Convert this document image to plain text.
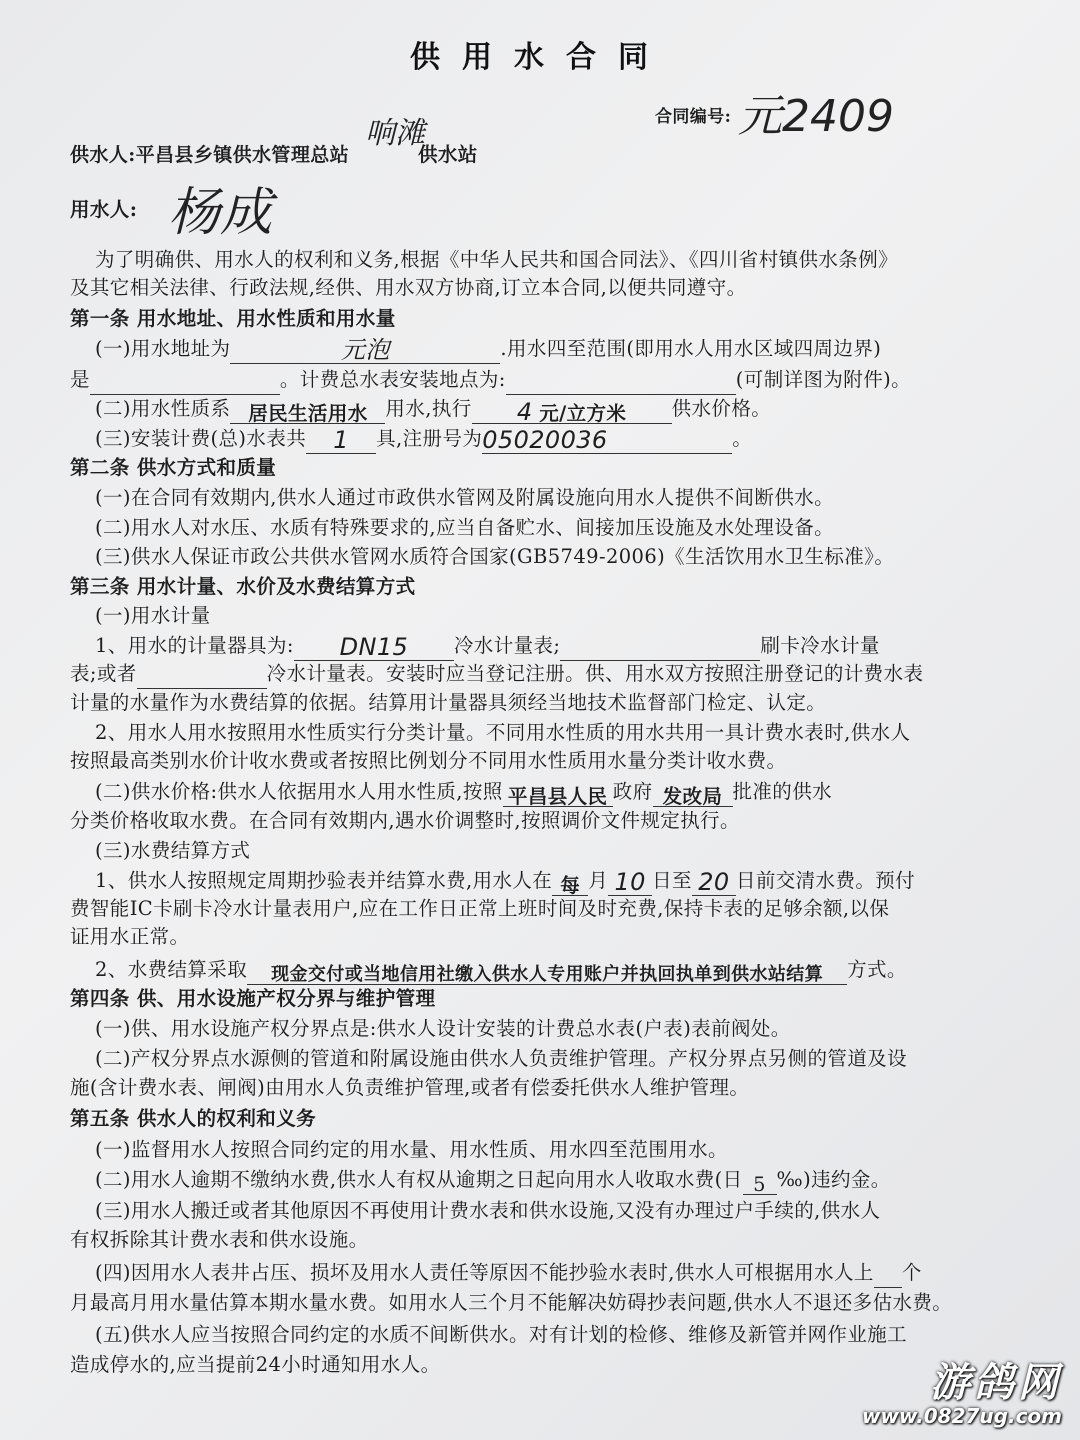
供用水合同
合同编号: 元2409
供水人:平昌县乡镇供水管理总站
响滩
供水站
用水人: 杨成
为了明确供、用水人的权利和义务,根据《中华人民共和国合同法》、《四川省村镇供水条例》
及其它相关法律、行政法规,经供、用水双方协商,订立本合同,以便共同遵守。
第一条 用水地址、用水性质和用水量
(一)用水地址为	元泡	.用水四至范围(即用水人用水区域四周边界)
是	。计费总水表安装地点为:	(可制详图为附件)。
(二)用水性质系 居民生活用水 用水,执行 4 元/立方米 供水价格。
(三)安装计费(总)水表共 1 具,注册号为05020036	。
第二条 供水方式和质量
(一)在合同有效期内,供水人通过市政供水管网及附属设施向用水人提供不间断供水。
(二)用水人对水压、水质有特殊要求的,应当自备贮水、间接加压设施及水处理设备。
(三)供水人保证市政公共供水管网水质符合国家(GB5749-2006)《生活饮用水卫生标准》。
第三条 用水计量、水价及水费结算方式
(一)用水计量
1、用水的计量器具为: DN15 冷水计量表;	刷卡冷水计量
表;或者	冷水计量表。安装时应当登记注册。供、用水双方按照注册登记的计费水表
计量的水量作为水费结算的依据。结算用计量器具须经当地技术监督部门检定、认定。
2、用水人用水按照用水性质实行分类计量。不同用水性质的用水共用一具计费水表时,供水人
按照最高类别水价计收水费或者按照比例划分不同用水性质用水量分类计收水费。
(二)供水价格:供水人依据用水人用水性质,按照 平昌县人民 政府 发改局 批准的供水
分类价格收取水费。在合同有效期内,遇水价调整时,按照调价文件规定执行。
(三)水费结算方式
1、供水人按照规定周期抄验表并结算水费,用水人在 每 月 10 日至 20 日前交清水费。预付
费智能IC卡刷卡冷水计量表用户,应在工作日正常上班时间及时充费,保持卡表的足够余额,以保
证用水正常。
2、水费结算采取 现金交付或当地信用社缴入供水人专用账户并执回执单到供水站结算 方式。
第四条 供、用水设施产权分界与维护管理
(一)供、用水设施产权分界点是:供水人设计安装的计费总水表(户表)表前阀处。
(二)产权分界点水源侧的管道和附属设施由供水人负责维护管理。产权分界点另侧的管道及设
施(含计费水表、闸阀)由用水人负责维护管理,或者有偿委托供水人维护管理。
第五条 供水人的权利和义务
(一)监督用水人按照合同约定的用水量、用水性质、用水四至范围用水。
(二)用水人逾期不缴纳水费,供水人有权从逾期之日起向用水人收取水费(日 5 ‰)违约金。
(三)用水人搬迁或者其他原因不再使用计费水表和供水设施,又没有办理过户手续的,供水人
有权拆除其计费水表和供水设施。
(四)因用水人表井占压、损坏及用水人责任等原因不能抄验水表时,供水人可根据用水人上 个
月最高月用水量估算本期水量水费。如用水人三个月不能解决妨碍抄表问题,供水人不退还多估水费。
(五)供水人应当按照合同约定的水质不间断供水。对有计划的检修、维修及新管并网作业施工
造成停水的,应当提前24小时通知用水人。	游鸽网
www.0827ug.com
